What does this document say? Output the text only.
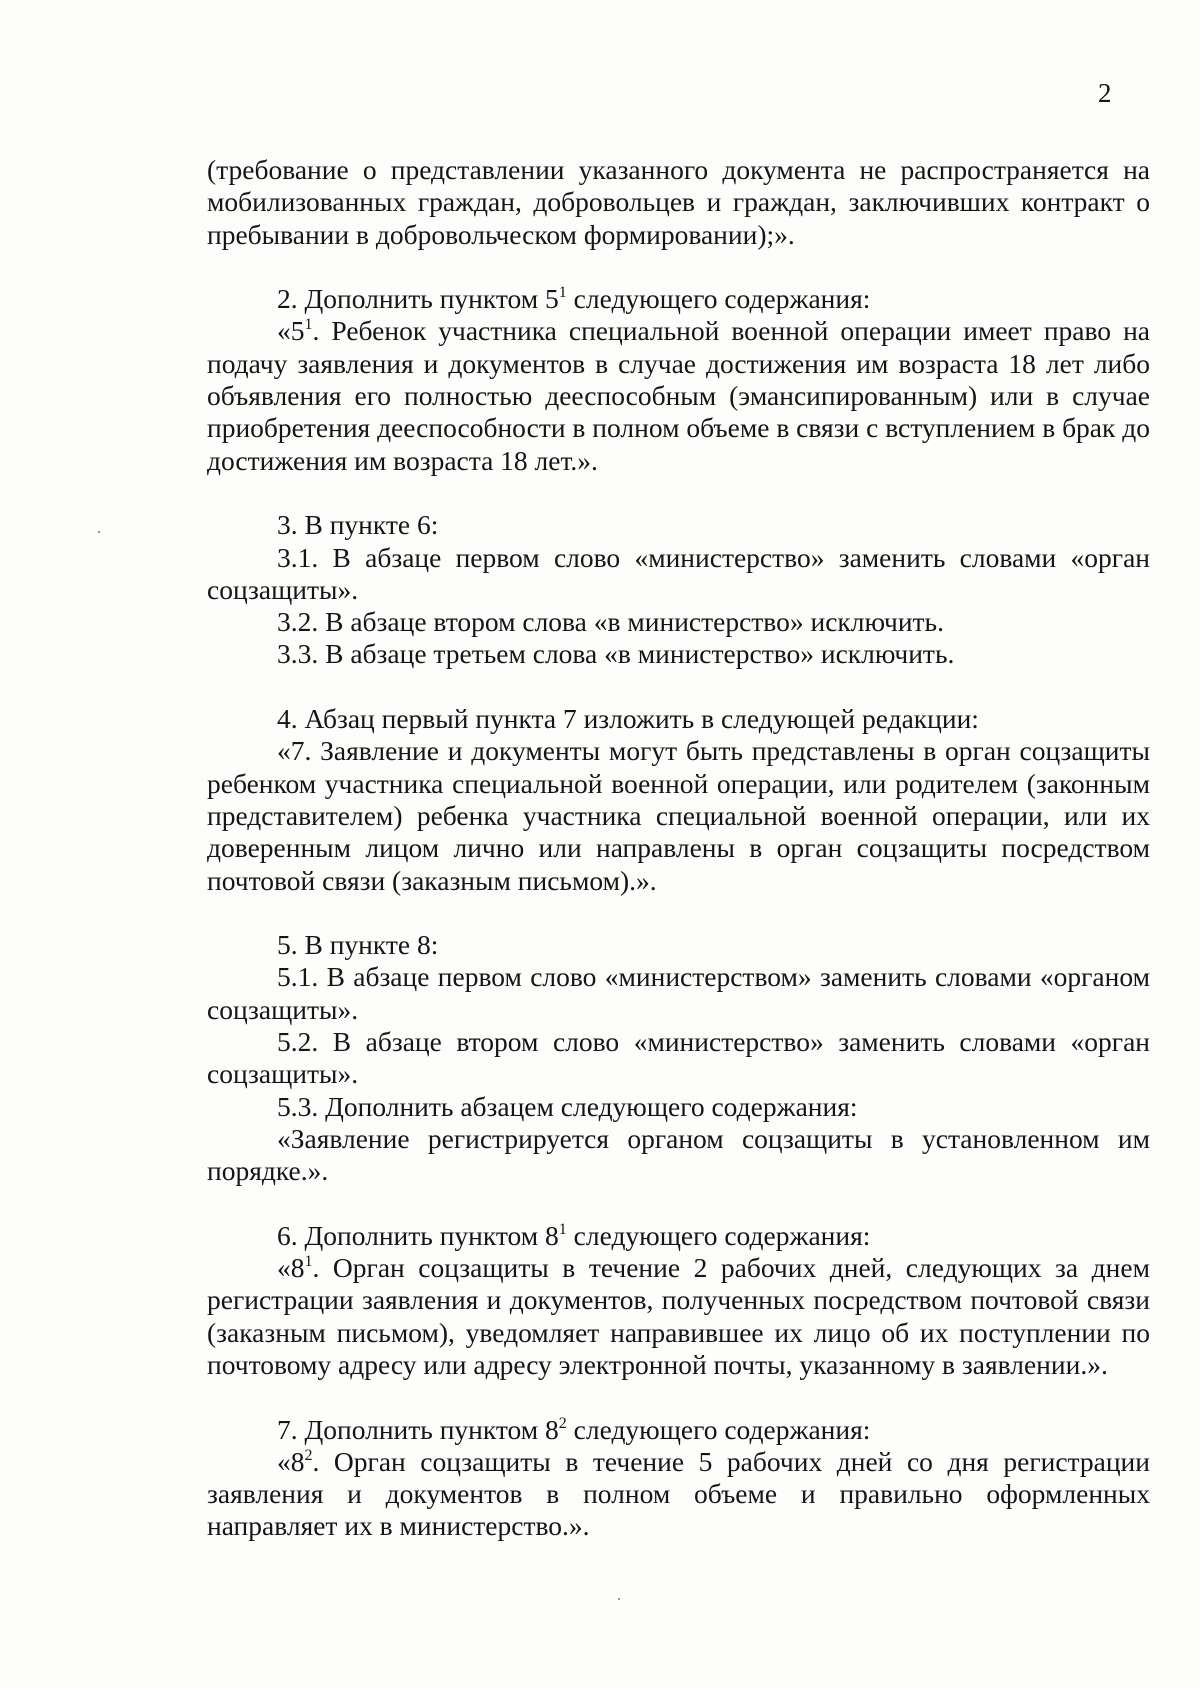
2

(требование о представлении указанного документа не распространяется на мобилизованных граждан, добровольцев и граждан, заключивших контракт о пребывании в добровольческом формировании);».

2. Дополнить пунктом $5^1$ следующего содержания:

«$5^1$. Ребенок участника специальной военной операции имеет право на подачу заявления и документов в случае достижения им возраста 18 лет либо объявления его полностью дееспособным (эмансипированным) или в случае приобретения дееспособности в полном объеме в связи с вступлением в брак до достижения им возраста 18 лет.».

3. В пункте 6:

3.1. В абзаце первом слово «министерство» заменить словами «орган соцзащиты».

3.2. В абзаце втором слова «в министерство» исключить.

3.3. В абзаце третьем слова «в министерство» исключить.

4. Абзац первый пункта 7 изложить в следующей редакции:

«7. Заявление и документы могут быть представлены в орган соцзащиты ребенком участника специальной военной операции, или родителем (законным представителем) ребенка участника специальной военной операции, или их доверенным лицом лично или направлены в орган соцзащиты посредством почтовой связи (заказным письмом).».

5. В пункте 8:

5.1. В абзаце первом слово «министерством» заменить словами «органом соцзащиты».

5.2. В абзаце втором слово «министерство» заменить словами «орган соцзащиты».

5.3. Дополнить абзацем следующего содержания:

«Заявление регистрируется органом соцзащиты в установленном им порядке.».

6. Дополнить пунктом $8^1$ следующего содержания:

«$8^1$. Орган соцзащиты в течение 2 рабочих дней, следующих за днем регистрации заявления и документов, полученных посредством почтовой связи (заказным письмом), уведомляет направившее их лицо об их поступлении по почтовому адресу или адресу электронной почты, указанному в заявлении.».

7. Дополнить пунктом $8^2$ следующего содержания:

«$8^2$. Орган соцзащиты в течение 5 рабочих дней со дня регистрации заявления и документов в полном объеме и правильно оформленных направляет их в министерство.».
